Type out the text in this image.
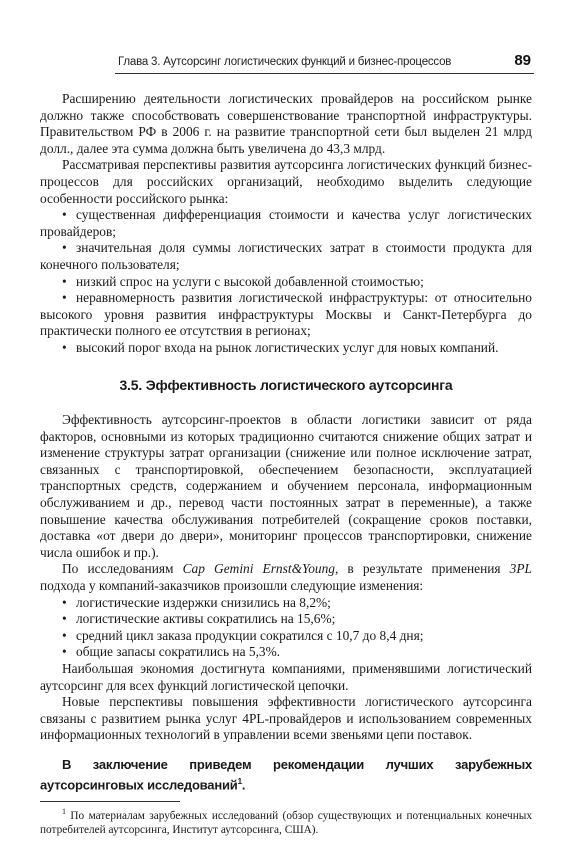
Глава 3. Аутсорсинг логистических функций и бизнес-процессов	89

Расширению деятельности логистических провайдеров на российском рынке должно также способствовать совершенствование транспортной инфраструктуры. Правительством РФ в 2006 г. на развитие транспортной сети был выделен 21 млрд долл., далее эта сумма должна быть увеличена до 43,3 млрд.

Рассматривая перспективы развития аутсорсинга логистических функций бизнес-процессов для российских организаций, необходимо выделить следующие особенности российского рынка:

• существенная дифференциация стоимости и качества услуг логистических провайдеров;
• значительная доля суммы логистических затрат в стоимости продукта для конечного пользователя;
• низкий спрос на услуги с высокой добавленной стоимостью;
• неравномерность развития логистической инфраструктуры: от относительно высокого уровня развития инфраструктуры Москвы и Санкт-Петербурга до практически полного ее отсутствия в регионах;
• высокий порог входа на рынок логистических услуг для новых компаний.
3.5. Эффективность логистического аутсорсинга

Эффективность аутсорсинг-проектов в области логистики зависит от ряда факторов, основными из которых традиционно считаются снижение общих затрат и изменение структуры затрат организации (снижение или полное исключение затрат, связанных с транспортировкой, обеспечением безопасности, эксплуатацией транспортных средств, содержанием и обучением персонала, информационным обслуживанием и др., перевод части постоянных затрат в переменные), а также повышение качества обслуживания потребителей (сокращение сроков поставки, доставка «от двери до двери», мониторинг процессов транспортировки, снижение числа ошибок и пр.).

По исследованиям Cap Gemini Ernst&Young, в результате применения 3PL подхода у компаний-заказчиков произошли следующие изменения:

• логистические издержки снизились на 8,2%;
• логистические активы сократились на 15,6%;
• средний цикл заказа продукции сократился с 10,7 до 8,4 дня;
• общие запасы сократились на 5,3%.

Наибольшая экономия достигнута компаниями, применявшими логистический аутсорсинг для всех функций логистической цепочки.

Новые перспективы повышения эффективности логистического аутсорсинга связаны с развитием рынка услуг 4PL-провайдеров и использованием современных информационных технологий в управлении всеми звеньями цепи поставок.

В заключение приведем рекомендации лучших зарубежных аутсорсинговых исследований$^1$.
$^1$ По материалам зарубежных исследований (обзор существующих и потенциальных конечных потребителей аутсорсинга, Институт аутсорсинга, США).
